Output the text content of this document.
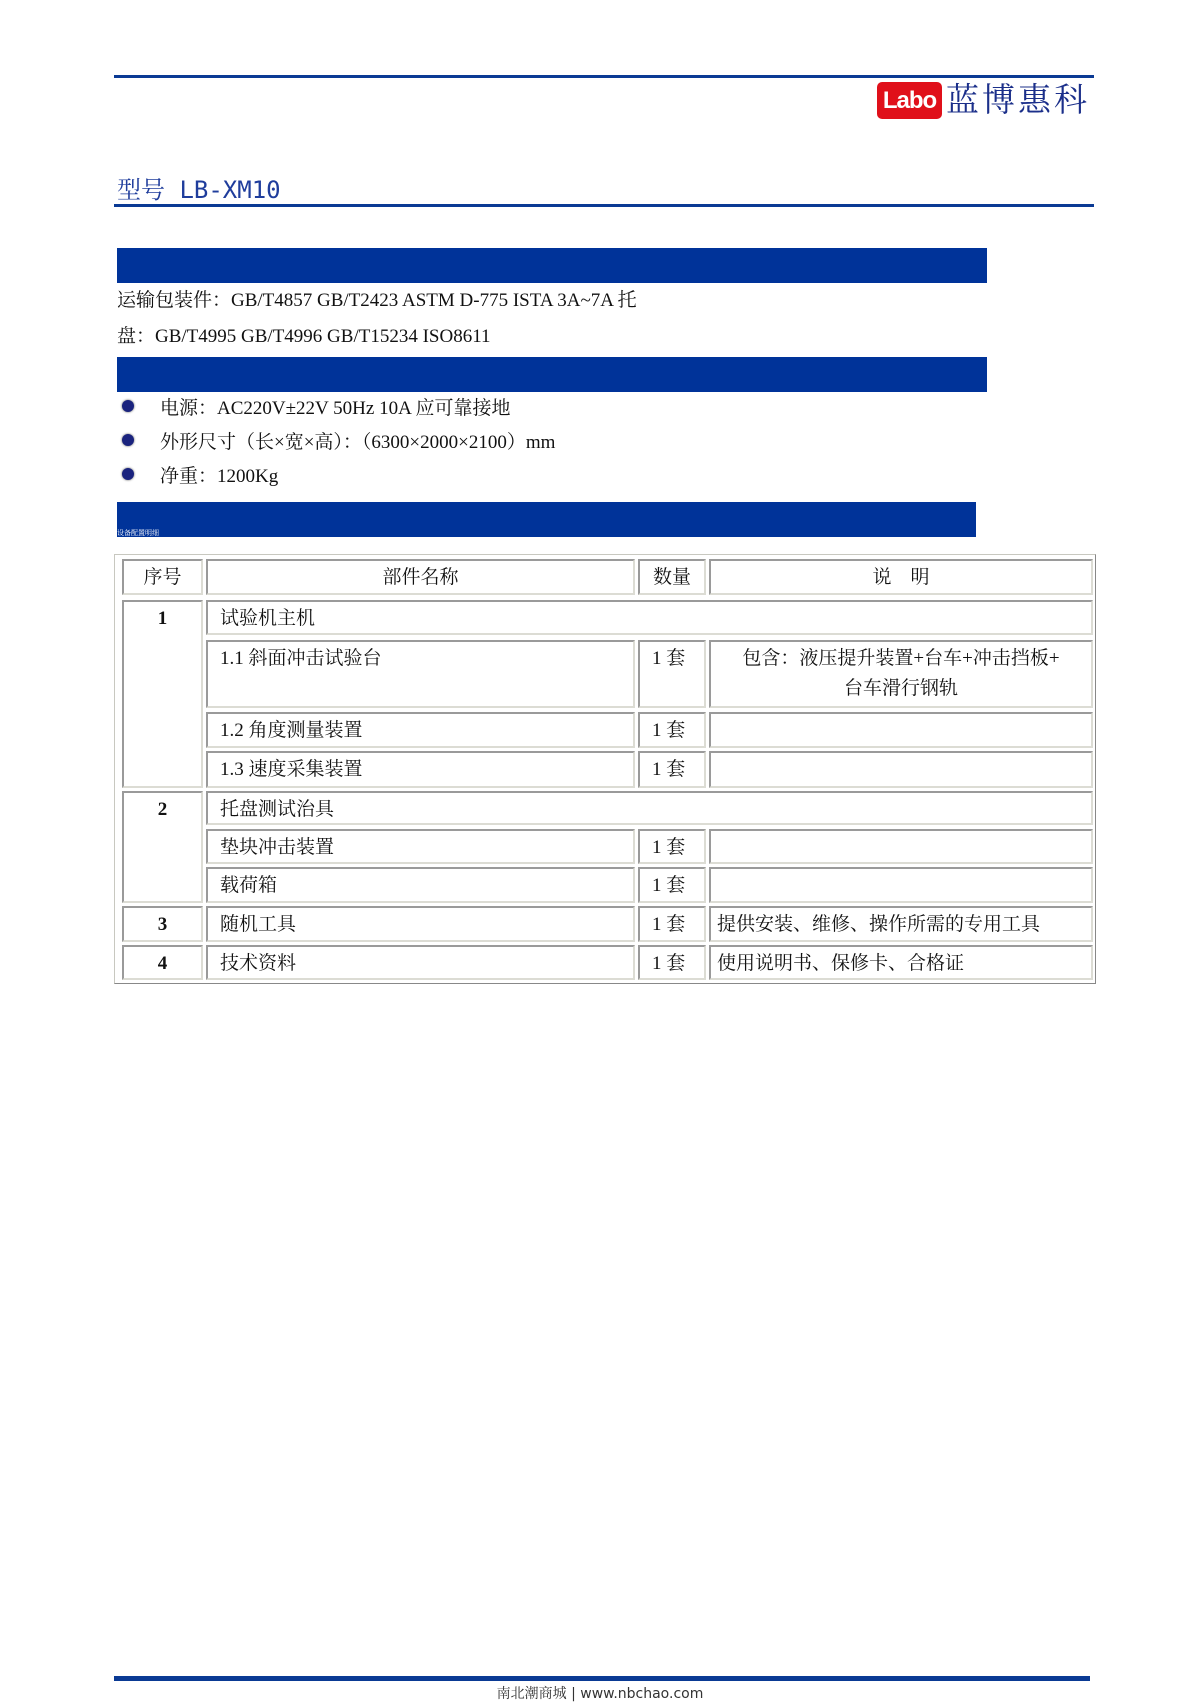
Labo 蓝博惠科
型号 LB-XM10
运输包装件：GB/T4857 GB/T2423 ASTM D-775 ISTA 3A~7A 托
盘：GB/T4995 GB/T4996 GB/T15234 ISO8611
电源：AC220V±22V 50Hz 10A 应可靠接地
外形尺寸（长×宽×高）：（6300×2000×2100）mm
净重：1200Kg
设备配置明细
序号	部件名称	数量	说　明
1	试验机主机
1.1 斜面冲击试验台	1 套	包含：液压提升装置+台车+冲击挡板+
台车滑行钢轨
1.2 角度测量装置	1 套
1.3 速度采集装置	1 套
2	托盘测试治具
垫块冲击装置	1 套
载荷箱	1 套
3	随机工具	1 套	提供安装、维修、操作所需的专用工具
4	技术资料	1 套	使用说明书、保修卡、合格证
南北潮商城 | www.nbchao.com
